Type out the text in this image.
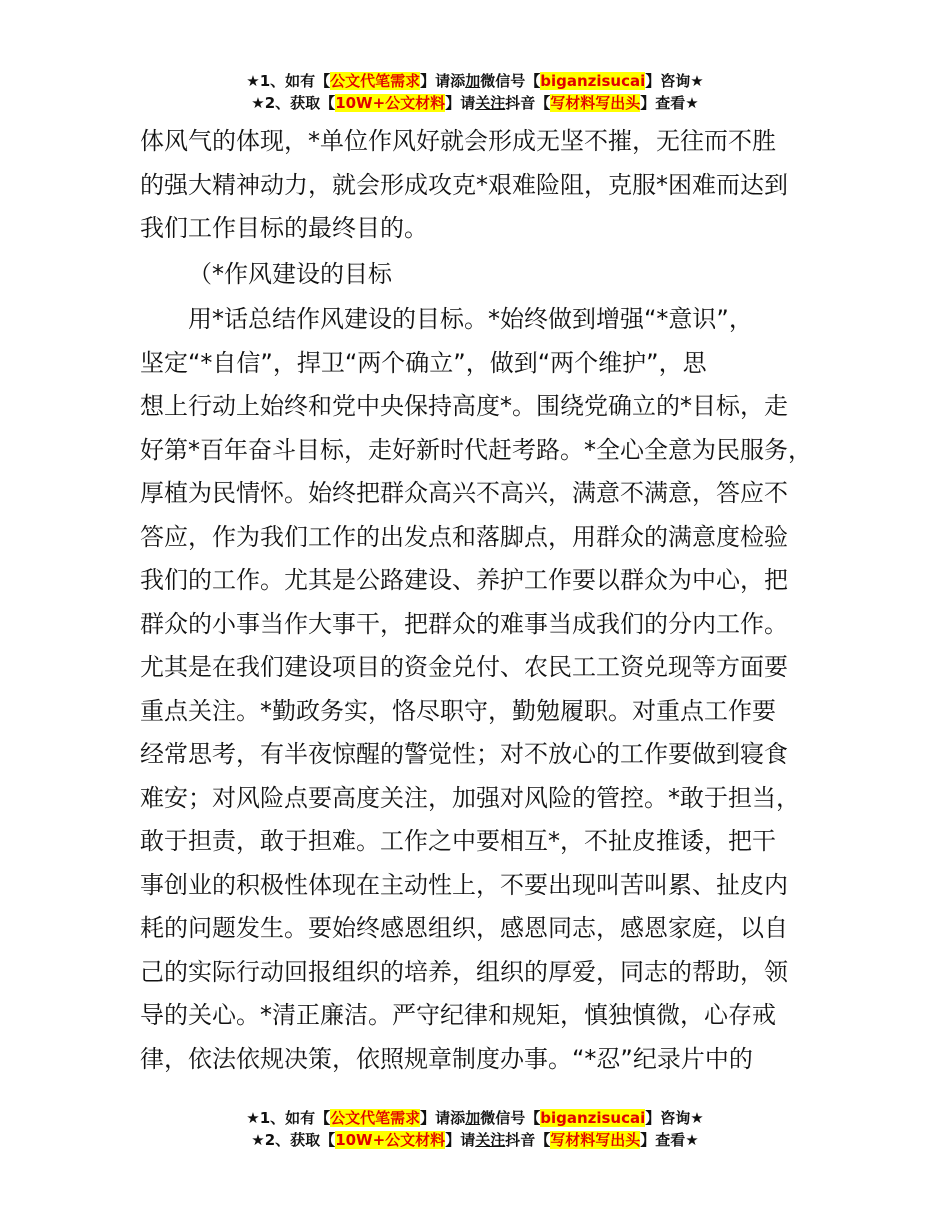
★1、如有【公文代笔需求】请添加微信号【biganzisucai】咨询★
★2、获取【10W+公文材料】请关注抖音【写材料写出头】查看★

体风气的体现，*单位作风好就会形成无坚不摧，无往而不胜

的强大精神动力，就会形成攻克*艰难险阻，克服*困难而达到

我们工作目标的最终目的。

（*作风建设的目标

用*话总结作风建设的目标。*始终做到增强“*意识”，

坚定“*自信”，捍卫“两个确立”，做到“两个维护”，思

想上行动上始终和党中央保持高度*。围绕党确立的*目标，走

好第*百年奋斗目标，走好新时代赶考路。*全心全意为民服务，

厚植为民情怀。始终把群众高兴不高兴，满意不满意，答应不

答应，作为我们工作的出发点和落脚点，用群众的满意度检验

我们的工作。尤其是公路建设、养护工作要以群众为中心，把

群众的小事当作大事干，把群众的难事当成我们的分内工作。

尤其是在我们建设项目的资金兑付、农民工工资兑现等方面要

重点关注。*勤政务实，恪尽职守，勤勉履职。对重点工作要

经常思考，有半夜惊醒的警觉性；对不放心的工作要做到寝食

难安；对风险点要高度关注，加强对风险的管控。*敢于担当，

敢于担责，敢于担难。工作之中要相互*，不扯皮推诿，把干

事创业的积极性体现在主动性上，不要出现叫苦叫累、扯皮内

耗的问题发生。要始终感恩组织，感恩同志，感恩家庭，以自

己的实际行动回报组织的培养，组织的厚爱，同志的帮助，领

导的关心。*清正廉洁。严守纪律和规矩，慎独慎微，心存戒

律，依法依规决策，依照规章制度办事。“*忍”纪录片中的

★1、如有【公文代笔需求】请添加微信号【biganzisucai】咨询★
★2、获取【10W+公文材料】请关注抖音【写材料写出头】查看★
